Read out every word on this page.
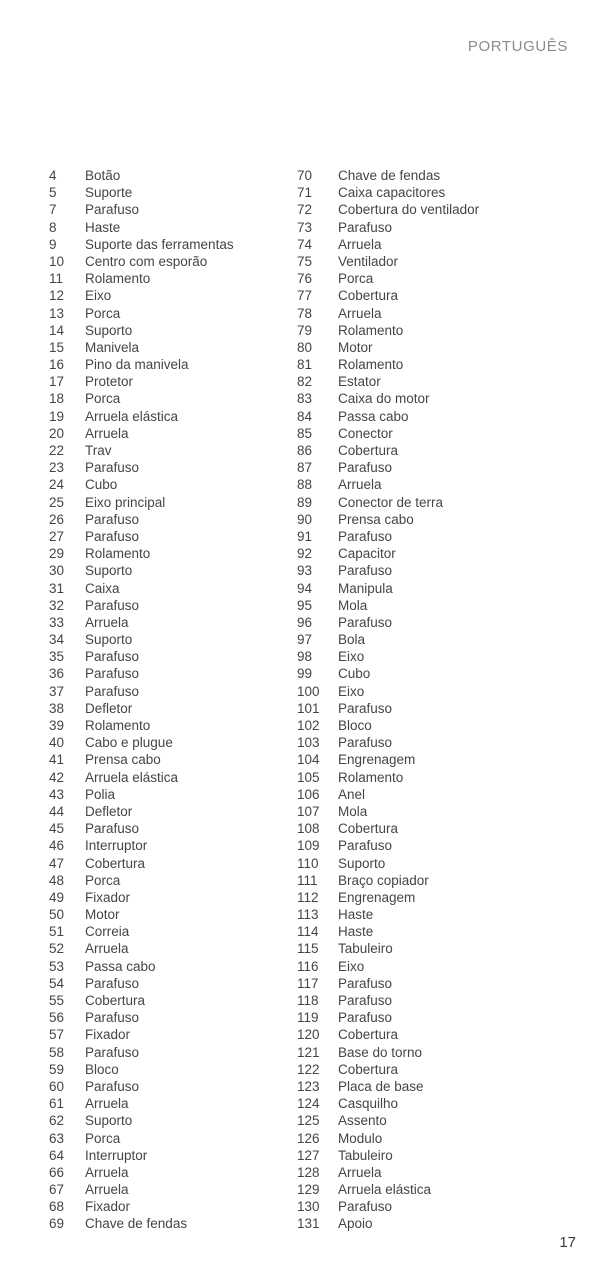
PORTUGUÊS
4	Botão
5	Suporte
7	Parafuso
8	Haste
9	Suporte das ferramentas
10	Centro com esporão
11	Rolamento
12	Eixo
13	Porca
14	Suporto
15	Manivela
16	Pino da manivela
17	Protetor
18	Porca
19	Arruela elástica
20	Arruela
22	Trav
23	Parafuso
24	Cubo
25	Eixo principal
26	Parafuso
27	Parafuso
29	Rolamento
30	Suporto
31	Caixa
32	Parafuso
33	Arruela
34	Suporto
35	Parafuso
36	Parafuso
37	Parafuso
38	Defletor
39	Rolamento
40	Cabo e plugue
41	Prensa cabo
42	Arruela elástica
43	Polia
44	Defletor
45	Parafuso
46	Interruptor
47	Cobertura
48	Porca
49	Fixador
50	Motor
51	Correia
52	Arruela
53	Passa cabo
54	Parafuso
55	Cobertura
56	Parafuso
57	Fixador
58	Parafuso
59	Bloco
60	Parafuso
61	Arruela
62	Suporto
63	Porca
64	Interruptor
66	Arruela
67	Arruela
68	Fixador
69	Chave de fendas
70	Chave de fendas
71	Caixa capacitores
72	Cobertura do ventilador
73	Parafuso
74	Arruela
75	Ventilador
76	Porca
77	Cobertura
78	Arruela
79	Rolamento
80	Motor
81	Rolamento
82	Estator
83	Caixa do motor
84	Passa cabo
85	Conector
86	Cobertura
87	Parafuso
88	Arruela
89	Conector de terra
90	Prensa cabo
91	Parafuso
92	Capacitor
93	Parafuso
94	Manipula
95	Mola
96	Parafuso
97	Bola
98	Eixo
99	Cubo
100	Eixo
101	Parafuso
102	Bloco
103	Parafuso
104	Engrenagem
105	Rolamento
106	Anel
107	Mola
108	Cobertura
109	Parafuso
110	Suporto
111	Braço copiador
112	Engrenagem
113	Haste
114	Haste
115	Tabuleiro
116	Eixo
117	Parafuso
118	Parafuso
119	Parafuso
120	Cobertura
121	Base do torno
122	Cobertura
123	Placa de base
124	Casquilho
125	Assento
126	Modulo
127	Tabuleiro
128	Arruela
129	Arruela elástica
130	Parafuso
131	Apoio
17
